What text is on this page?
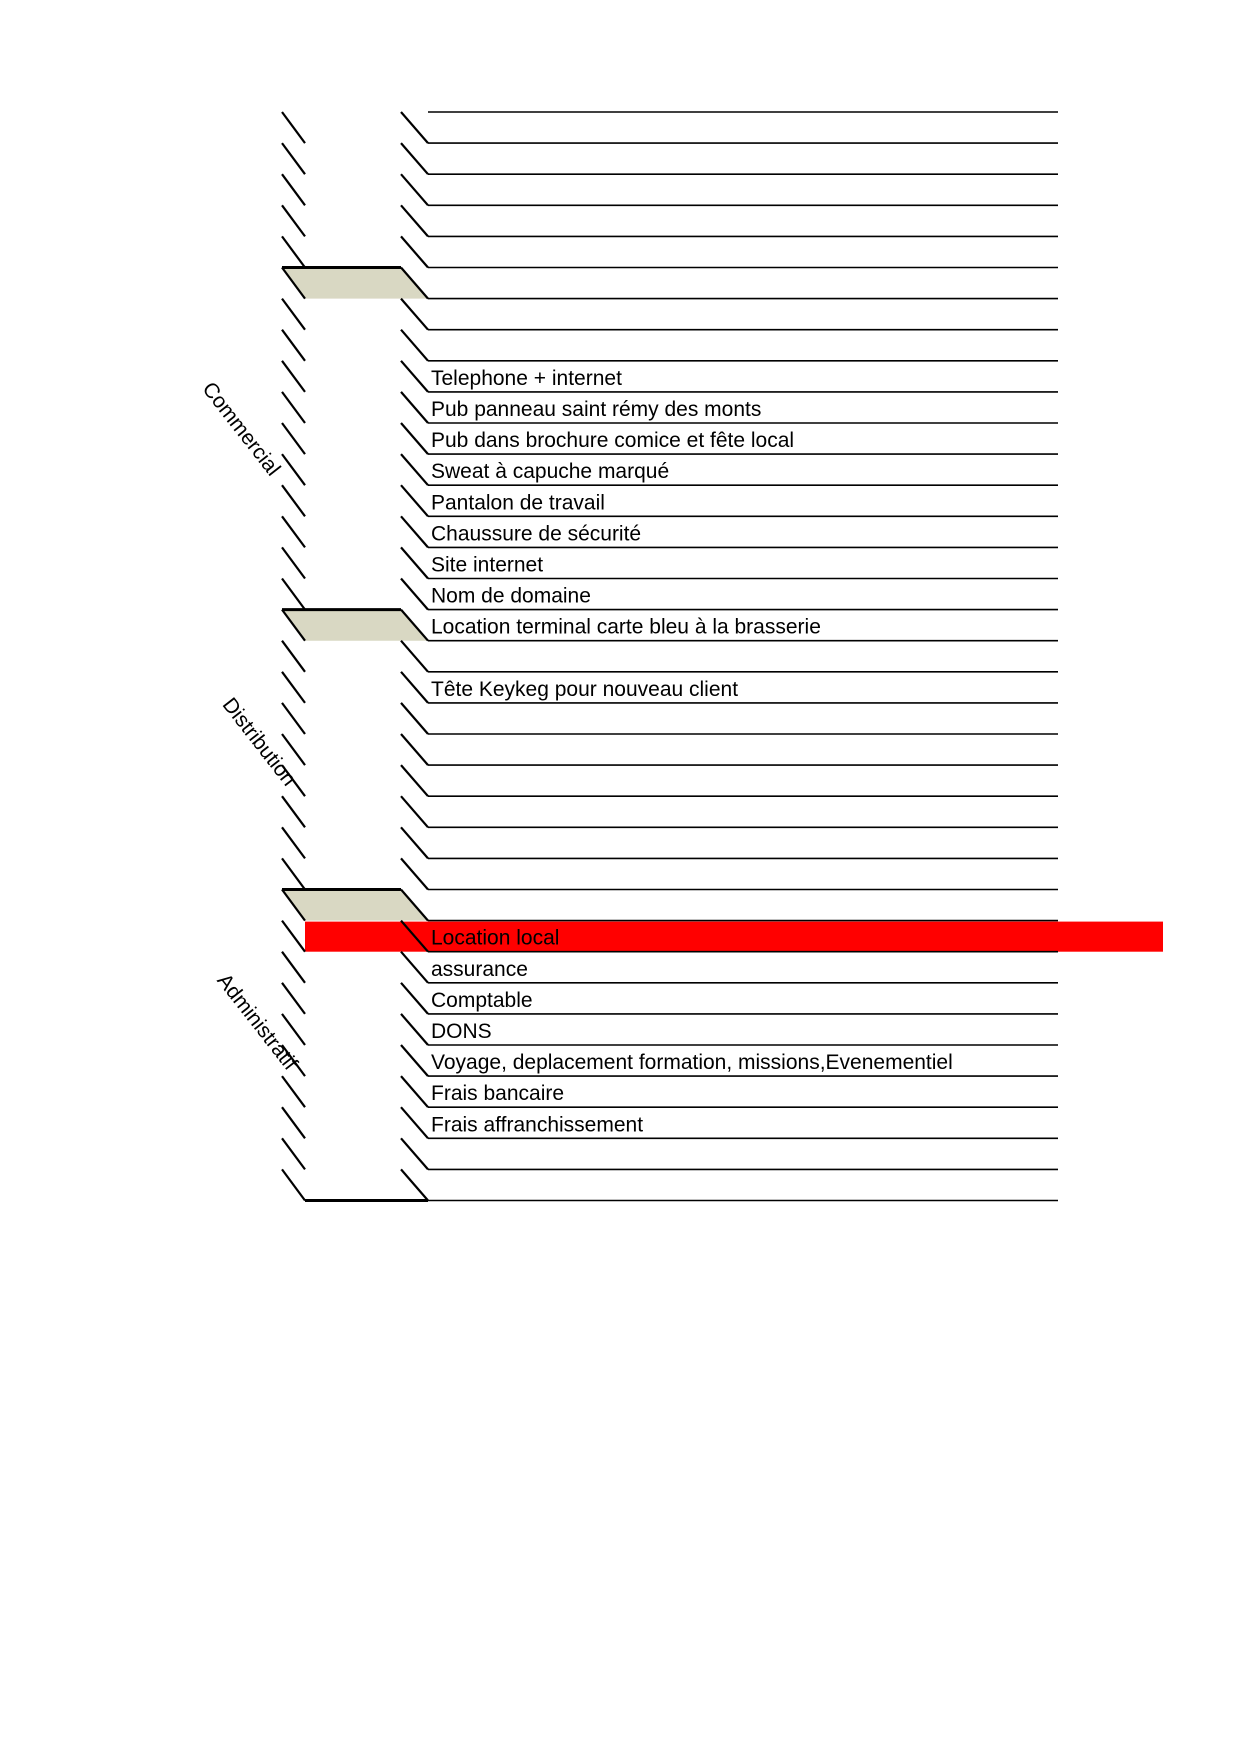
Telephone + internet
Pub panneau saint rémy des monts
Pub dans brochure comice et fête local
Sweat à capuche marqué
Pantalon de travail
Chaussure de sécurité
Site internet
Nom de domaine
Location terminal carte bleu à la brasserie
Tête Keykeg pour nouveau client
Location local
assurance
Comptable
DONS
Voyage, deplacement formation, missions,Evenementiel
Frais bancaire
Frais affranchissement
Commercial
Distribution
Administratif
